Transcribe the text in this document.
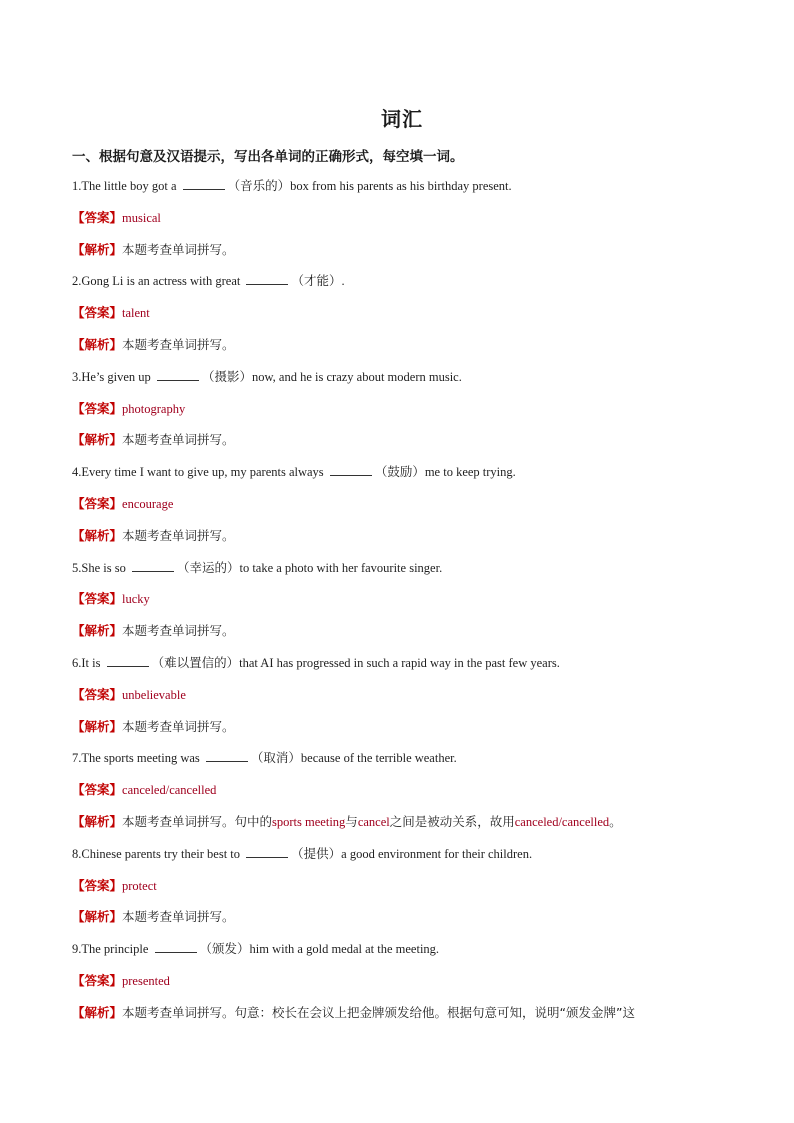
词汇
一、根据句意及汉语提示，写出各单词的正确形式，每空填一词。
1.The little boy got a	（音乐的）box from his parents as his birthday present.
【答案】musical
【解析】本题考查单词拼写。
2.Gong Li is an actress with great	（才能）.
【答案】talent
【解析】本题考查单词拼写。
3.He’s given up	（摄影）now, and he is crazy about modern music.
【答案】photography
【解析】本题考查单词拼写。
4.Every time I want to give up, my parents always	（鼓励）me to keep trying.
【答案】encourage
【解析】本题考查单词拼写。
5.She is so	（幸运的）to take a photo with her favourite singer.
【答案】lucky
【解析】本题考查单词拼写。
6.It is	（难以置信的）that AI has progressed in such a rapid way in the past few years.
【答案】unbelievable
【解析】本题考查单词拼写。
7.The sports meeting was	（取消）because of the terrible weather.
【答案】canceled/cancelled
【解析】本题考查单词拼写。句中的sports meeting与cancel之间是被动关系，故用canceled/cancelled。
8.Chinese parents try their best to	（提供）a good environment for their children.
【答案】protect
【解析】本题考查单词拼写。
9.The principle	（颁发）him with a gold medal at the meeting.
【答案】presented
【解析】本题考查单词拼写。句意：校长在会议上把金牌颁发给他。根据句意可知，说明“颁发金牌”这
